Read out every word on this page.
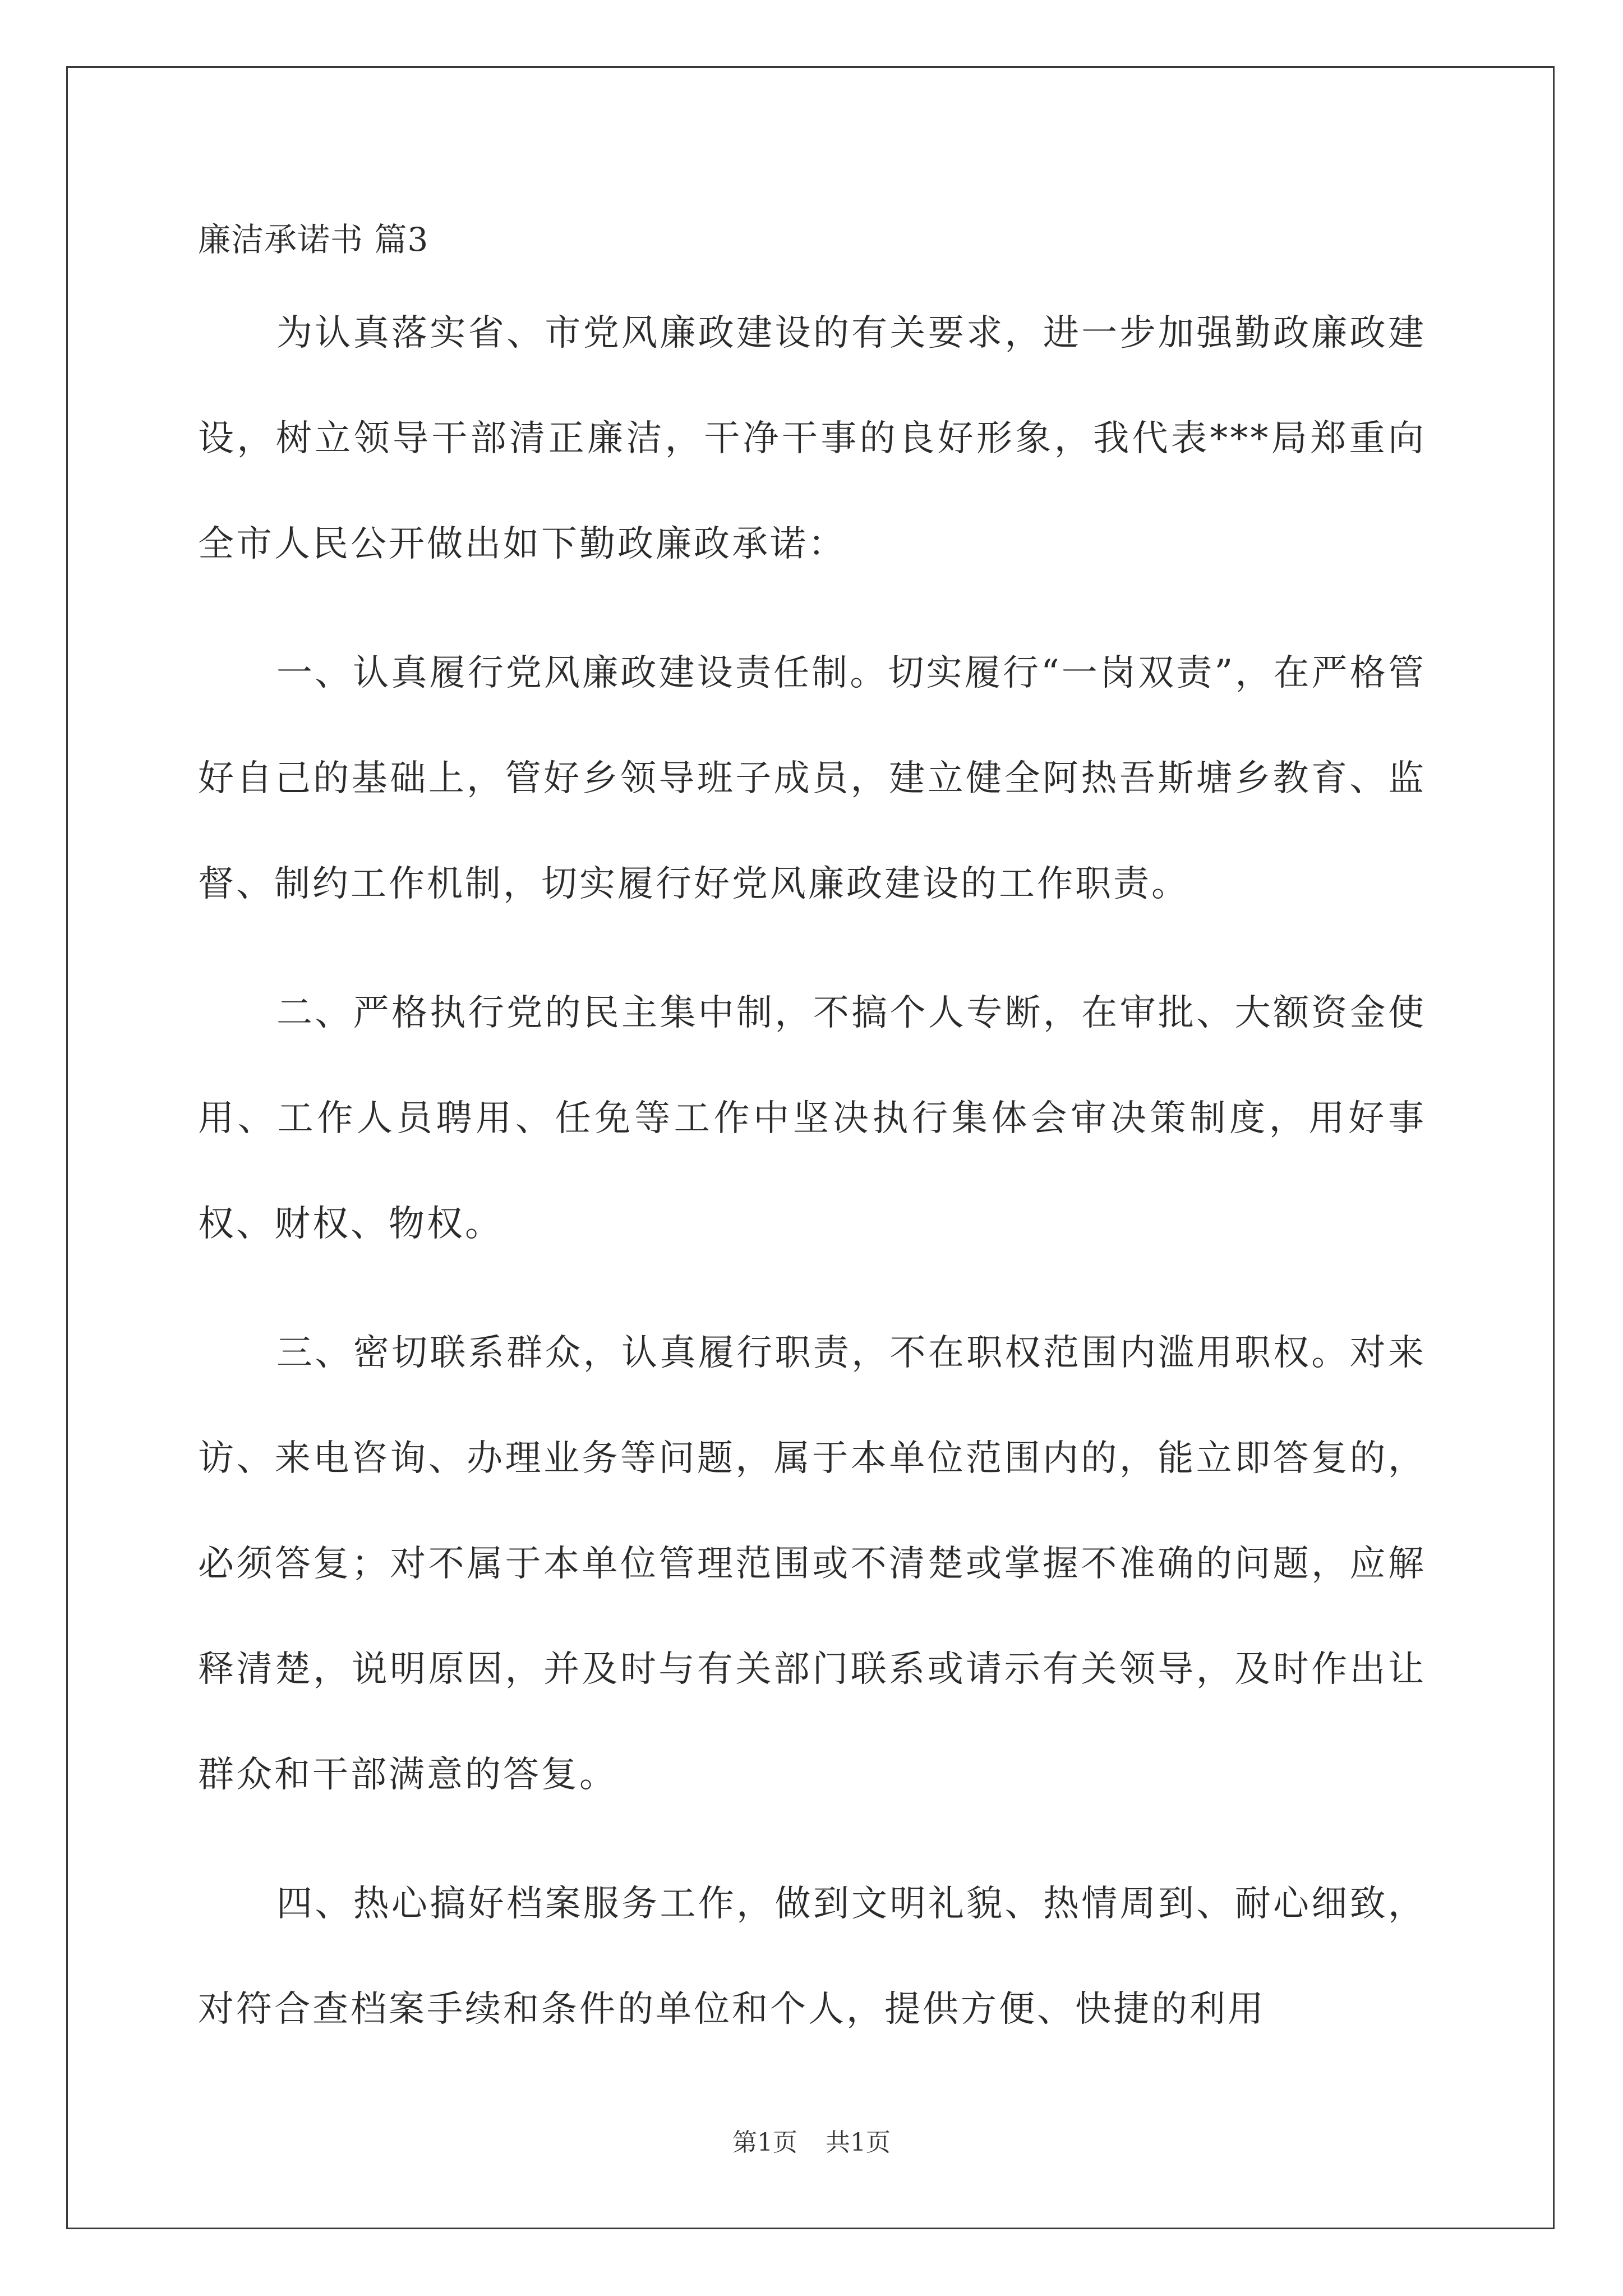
廉洁承诺书 篇3

为认真落实省、市党风廉政建设的有关要求，进一步加强勤政廉政建设，树立领导干部清正廉洁，干净干事的良好形象，我代表***局郑重向全市人民公开做出如下勤政廉政承诺：

一、认真履行党风廉政建设责任制。切实履行“一岗双责”，在严格管好自己的基础上，管好乡领导班子成员，建立健全阿热吾斯塘乡教育、监督、制约工作机制，切实履行好党风廉政建设的工作职责。

二、严格执行党的民主集中制，不搞个人专断，在审批、大额资金使用、工作人员聘用、任免等工作中坚决执行集体会审决策制度，用好事权、财权、物权。

三、密切联系群众，认真履行职责，不在职权范围内滥用职权。对来访、来电咨询、办理业务等问题，属于本单位范围内的，能立即答复的，必须答复；对不属于本单位管理范围或不清楚或掌握不准确的问题，应解释清楚，说明原因，并及时与有关部门联系或请示有关领导，及时作出让群众和干部满意的答复。

四、热心搞好档案服务工作，做到文明礼貌、热情周到、耐心细致，对符合查档案手续和条件的单位和个人，提供方便、快捷的利用

第1页 共1页
